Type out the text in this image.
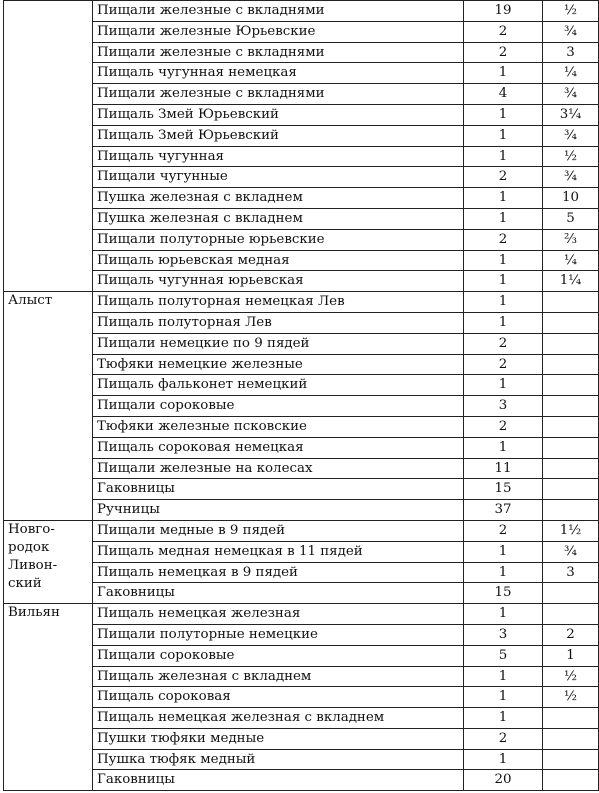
	Пищали железные с вкладнями	19	½
	Пищали железные Юрьевские	2	¾
	Пищали железные с вкладнями	2	3
	Пищаль чугунная немецкая	1	¼
	Пищали железные с вкладнями	4	¾
	Пищаль Змей Юрьевский	1	3¼
	Пищаль Змей Юрьевский	1	¾
	Пищаль чугунная	1	½
	Пищали чугунные	2	¾
	Пушка железная с вкладнем	1	10
	Пушка железная с вкладнем	1	5
	Пищали полуторные юрьевские	2	²⁄₃
	Пищаль юрьевская медная	1	¼
	Пищаль чугунная юрьевская	1	1¼
Алыст	Пищаль полуторная немецкая Лев	1	
	Пищаль полуторная Лев	1	
	Пищали немецкие по 9 пядей	2	
	Тюфяки немецкие железные	2	
	Пищаль фальконет немецкий	1	
	Пищали сороковые	3	
	Тюфяки железные псковские	2	
	Пищаль сороковая немецкая	1	
	Пищали железные на колесах	11	
	Гаковницы	15	
	Ручницы	37	
Новго-родок Ливон-ский	Пищали медные в 9 пядей	2	1½
	Пищаль медная немецкая в 11 пядей	1	¾
	Пищаль немецкая в 9 пядей	1	3
	Гаковницы	15	
Вильян	Пищаль немецкая железная	1	
	Пищали полуторные немецкие	3	2
	Пищали сороковые	5	1
	Пищаль железная с вкладнем	1	½
	Пищаль сороковая	1	½
	Пищаль немецкая железная с вкладнем	1	
	Пушки тюфяки медные	2	
	Пушка тюфяк медный	1	
	Гаковницы	20	
